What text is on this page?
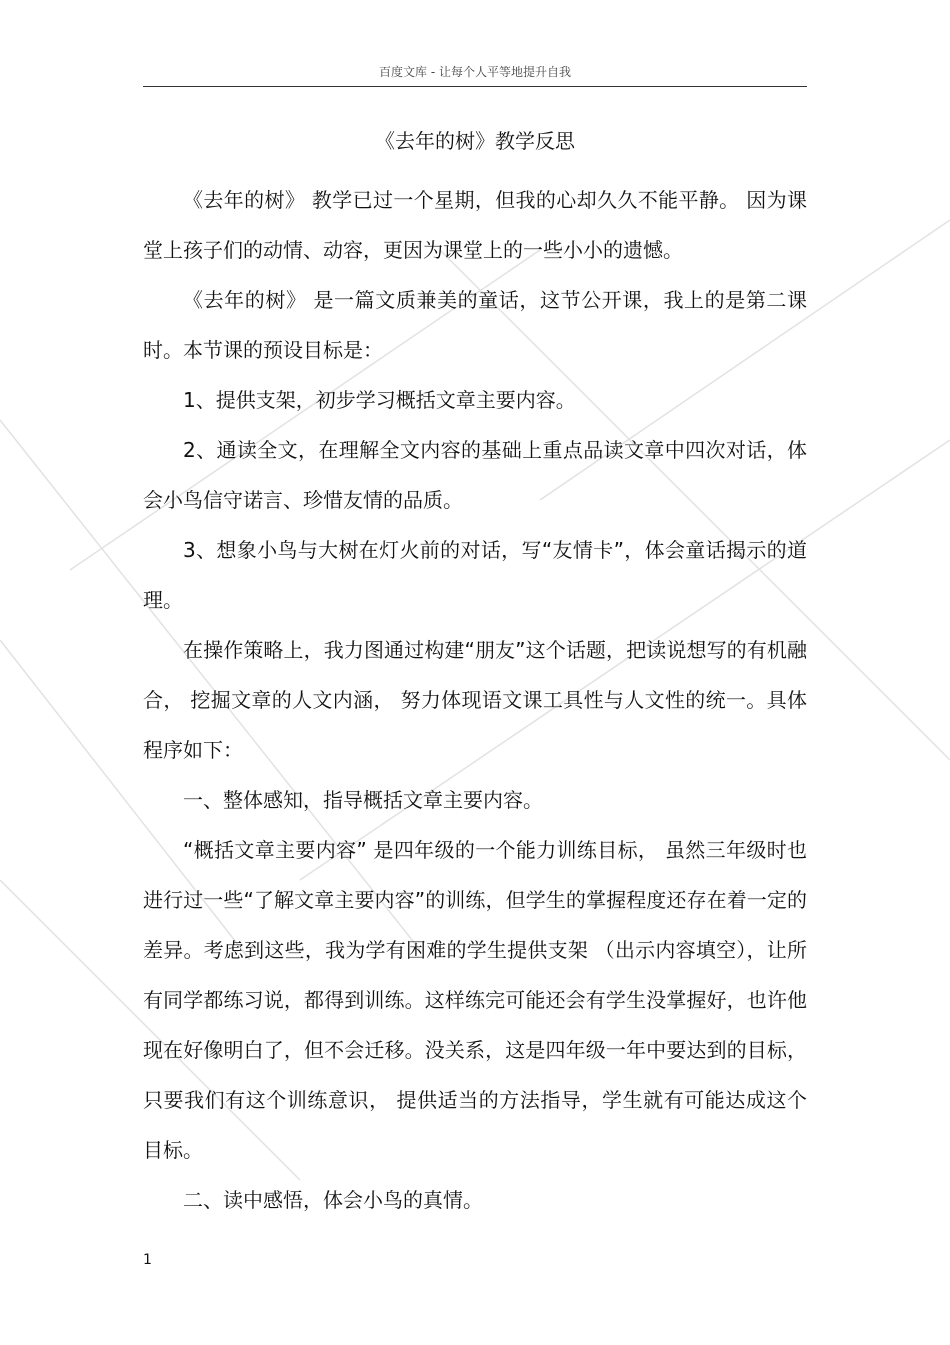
百度文库 - 让每个人平等地提升自我
《去年的树》教学反思

《去年的树》 教学已过一个星期，但我的心却久久不能平静。 因为课堂上孩子们的动情、动容，更因为课堂上的一些小小的遗憾。

《去年的树》 是一篇文质兼美的童话，这节公开课，我上的是第二课时。本节课的预设目标是：

1、提供支架，初步学习概括文章主要内容。

2、通读全文，在理解全文内容的基础上重点品读文章中四次对话，体会小鸟信守诺言、珍惜友情的品质。

3、想象小鸟与大树在灯火前的对话，写“友情卡”，体会童话揭示的道理。

在操作策略上，我力图通过构建“朋友”这个话题，把读说想写的有机融合， 挖掘文章的人文内涵， 努力体现语文课工具性与人文性的统一。具体程序如下：

一、整体感知，指导概括文章主要内容。

“概括文章主要内容” 是四年级的一个能力训练目标， 虽然三年级时也进行过一些“了解文章主要内容”的训练，但学生的掌握程度还存在着一定的差异。考虑到这些，我为学有困难的学生提供支架 （出示内容填空），让所有同学都练习说，都得到训练。这样练完可能还会有学生没掌握好，也许他现在好像明白了，但不会迁移。没关系，这是四年级一年中要达到的目标， 只要我们有这个训练意识， 提供适当的方法指导，学生就有可能达成这个目标。

二、读中感悟，体会小鸟的真情。

1
